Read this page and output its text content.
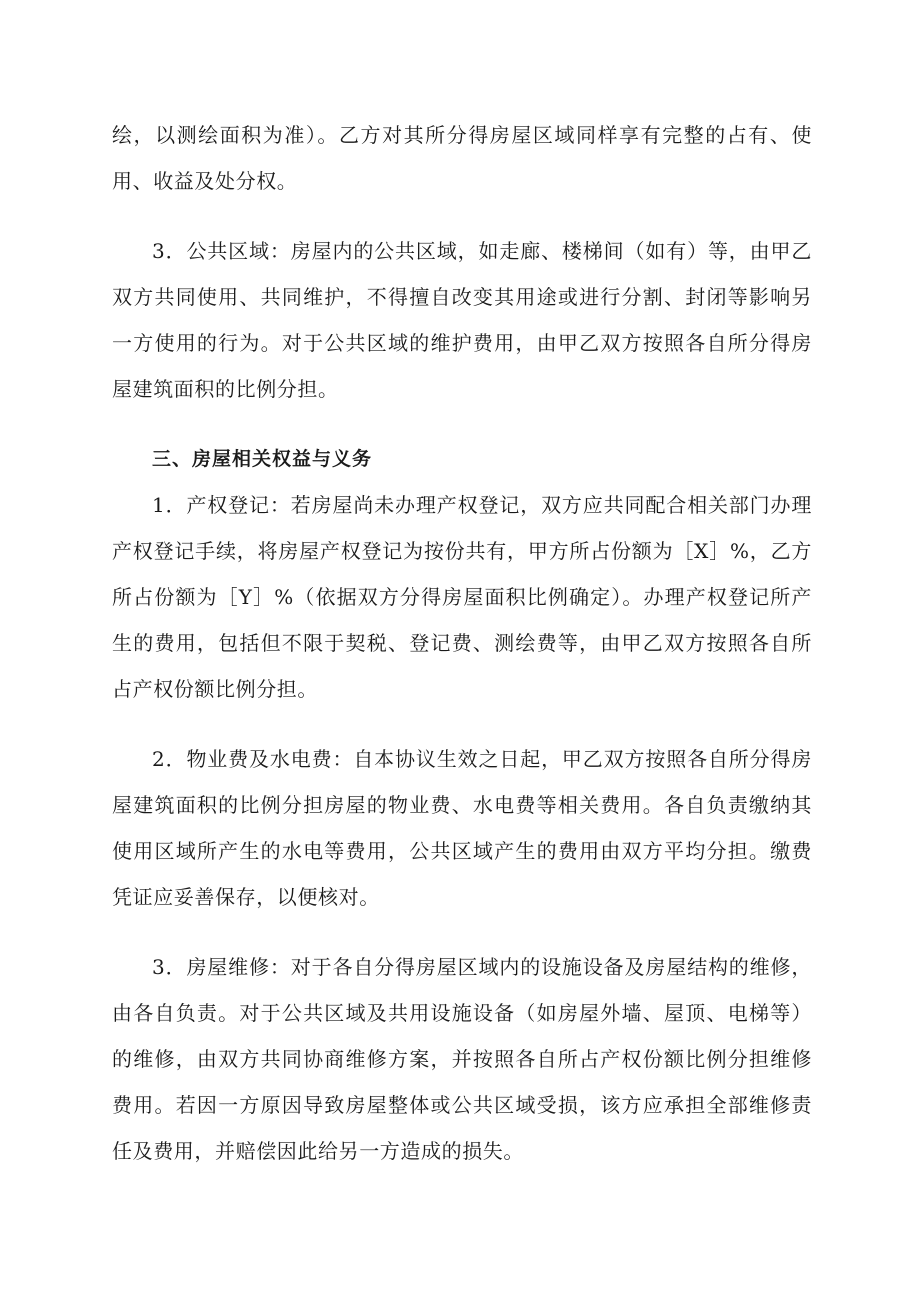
绘，以测绘面积为准）。乙方对其所分得房屋区域同样享有完整的占有、使用、收益及处分权。

3．公共区域：房屋内的公共区域，如走廊、楼梯间（如有）等，由甲乙双方共同使用、共同维护，不得擅自改变其用途或进行分割、封闭等影响另一方使用的行为。对于公共区域的维护费用，由甲乙双方按照各自所分得房屋建筑面积的比例分担。

三、房屋相关权益与义务

1．产权登记：若房屋尚未办理产权登记，双方应共同配合相关部门办理产权登记手续，将房屋产权登记为按份共有，甲方所占份额为［X］%，乙方所占份额为［Y］%（依据双方分得房屋面积比例确定）。办理产权登记所产生的费用，包括但不限于契税、登记费、测绘费等，由甲乙双方按照各自所占产权份额比例分担。

2．物业费及水电费：自本协议生效之日起，甲乙双方按照各自所分得房屋建筑面积的比例分担房屋的物业费、水电费等相关费用。各自负责缴纳其使用区域所产生的水电等费用，公共区域产生的费用由双方平均分担。缴费凭证应妥善保存，以便核对。

3．房屋维修：对于各自分得房屋区域内的设施设备及房屋结构的维修，由各自负责。对于公共区域及共用设施设备（如房屋外墙、屋顶、电梯等）的维修，由双方共同协商维修方案，并按照各自所占产权份额比例分担维修费用。若因一方原因导致房屋整体或公共区域受损，该方应承担全部维修责任及费用，并赔偿因此给另一方造成的损失。
